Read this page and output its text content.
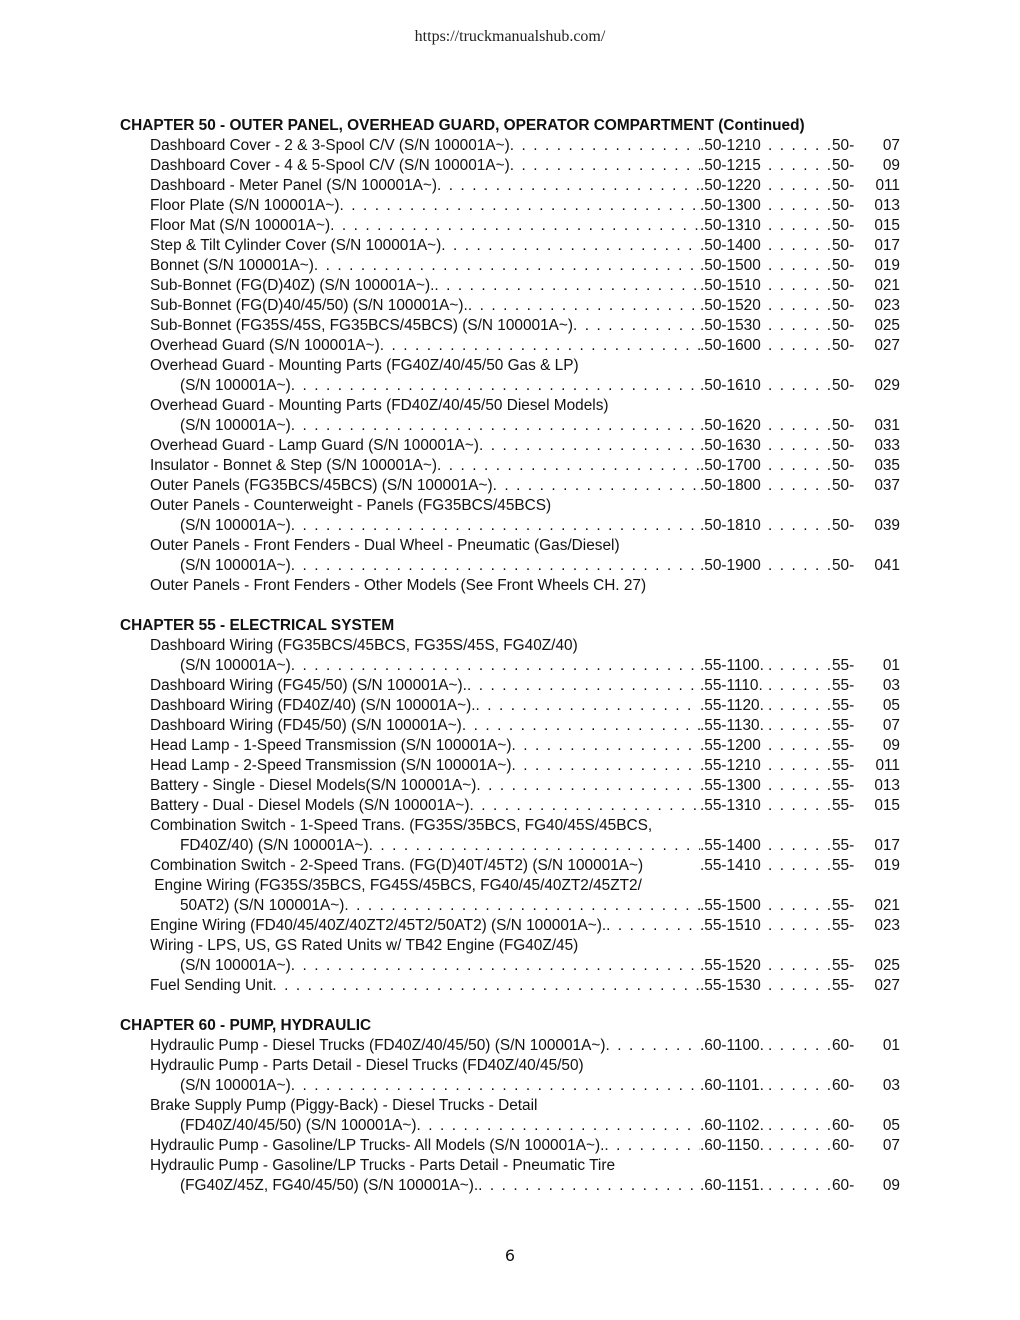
https://truckmanualshub.com/
CHAPTER 50 - OUTER PANEL, OVERHEAD GUARD, OPERATOR COMPARTMENT (Continued)
Dashboard Cover - 2 & 3-Spool C/V (S/N 100001A~) . . .	.50-1210 . . .	50-	07
Dashboard Cover - 4 & 5-Spool C/V (S/N 100001A~) . . .	.50-1215 . . .	50-	09
Dashboard - Meter Panel (S/N 100001A~) . . .	.50-1220 . . .	50-	011
Floor Plate (S/N 100001A~) . . .	.50-1300 . . .	50-	013
Floor Mat (S/N 100001A~) . . .	.50-1310 . . .	50-	015
Step & Tilt Cylinder Cover (S/N 100001A~) . . .	.50-1400 . . .	50-	017
Bonnet (S/N 100001A~) . . .	.50-1500 . . .	50-	019
Sub-Bonnet (FG(D)40Z) (S/N 100001A~). . . .	.50-1510 . . .	50-	021
Sub-Bonnet (FG(D)40/45/50) (S/N 100001A~). . . .	.50-1520 . . .	50-	023
Sub-Bonnet (FG35S/45S, FG35BCS/45BCS) (S/N 100001A~) . . .	.50-1530 . . .	50-	025
Overhead Guard (S/N 100001A~) . . .	.50-1600 . . .	50-	027
Overhead Guard - Mounting Parts (FG40Z/40/45/50 Gas & LP)
(S/N 100001A~) . . .	.50-1610 . . .	50-	029
Overhead Guard - Mounting Parts (FD40Z/40/45/50 Diesel Models)
(S/N 100001A~) . . .	.50-1620 . . .	50-	031
Overhead Guard - Lamp Guard (S/N 100001A~) . . .	.50-1630 . . .	50-	033
Insulator - Bonnet & Step (S/N 100001A~) . . .	.50-1700 . . .	50-	035
Outer Panels (FG35BCS/45BCS) (S/N 100001A~) . . .	.50-1800 . . .	50-	037
Outer Panels - Counterweight - Panels (FG35BCS/45BCS)
(S/N 100001A~) . . .	.50-1810 . . .	50-	039
Outer Panels - Front Fenders - Dual Wheel - Pneumatic (Gas/Diesel)
(S/N 100001A~) . . .	.50-1900 . . .	50-	041
Outer Panels - Front Fenders - Other Models (See Front Wheels CH. 27)
CHAPTER 55 - ELECTRICAL SYSTEM
Dashboard Wiring (FG35BCS/45BCS, FG35S/45S, FG40Z/40)
(S/N 100001A~) . . .	.55-1100. . . .	55-	01
Dashboard Wiring (FG45/50) (S/N 100001A~). . . .	.55-1110. . . .	55-	03
Dashboard Wiring (FD40Z/40) (S/N 100001A~). . . .	.55-1120. . . .	55-	05
Dashboard Wiring (FD45/50) (S/N 100001A~) . . .	.55-1130. . . .	55-	07
Head Lamp - 1-Speed Transmission (S/N 100001A~) . . .	.55-1200 . . .	55-	09
Head Lamp - 2-Speed Transmission (S/N 100001A~) . . .	.55-1210 . . .	55-	011
Battery - Single - Diesel Models(S/N 100001A~) . . .	.55-1300 . . .	55-	013
Battery - Dual - Diesel Models (S/N 100001A~) . . .	.55-1310 . . .	55-	015
Combination Switch - 1-Speed Trans. (FG35S/35BCS, FG40/45S/45BCS,
FD40Z/40) (S/N 100001A~) . . .	.55-1400 . . .	55-	017
Combination Switch - 2-Speed Trans. (FG(D)40T/45T2) (S/N 100001A~)	.55-1410 . . .	55-	019
Engine Wiring (FG35S/35BCS, FG45S/45BCS, FG40/45/40ZT2/45ZT2/
50AT2) (S/N 100001A~) . . .	.55-1500 . . .	55-	021
Engine Wiring (FD40/45/40Z/40ZT2/45T2/50AT2) (S/N 100001A~). . . .	.55-1510 . . .	55-	023
Wiring - LPS, US, GS Rated Units w/ TB42 Engine (FG40Z/45)
(S/N 100001A~) . . .	.55-1520 . . .	55-	025
Fuel Sending Unit . . .	.55-1530 . . .	55-	027
CHAPTER 60 - PUMP, HYDRAULIC
Hydraulic Pump - Diesel Trucks (FD40Z/40/45/50) (S/N 100001A~) . . .	.60-1100. . . .	60-	01
Hydraulic Pump - Parts Detail - Diesel Trucks (FD40Z/40/45/50)
(S/N 100001A~) . . .	.60-1101. . . .	60-	03
Brake Supply Pump (Piggy-Back) - Diesel Trucks - Detail
(FD40Z/40/45/50) (S/N 100001A~) . . .	.60-1102. . . .	60-	05
Hydraulic Pump - Gasoline/LP Trucks- All Models (S/N 100001A~). . . .	.60-1150. . . .	60-	07
Hydraulic Pump - Gasoline/LP Trucks - Parts Detail - Pneumatic Tire
(FG40Z/45Z, FG40/45/50) (S/N 100001A~). . . .	.60-1151. . . .	60-	09
6
